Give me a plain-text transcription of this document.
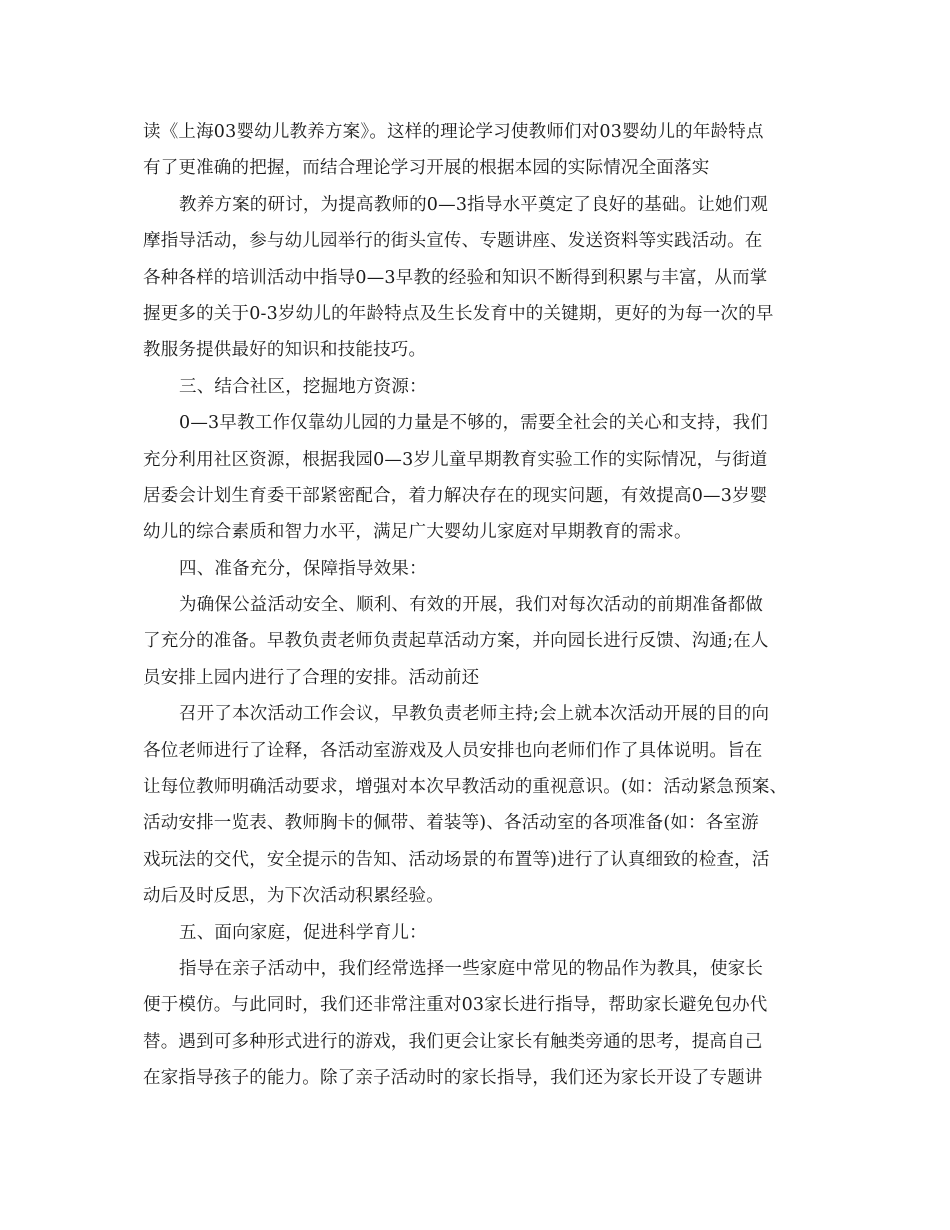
读《上海03婴幼儿教养方案》。这样的理论学习使教师们对03婴幼儿的年龄特点
有了更准确的把握，而结合理论学习开展的根据本园的实际情况全面落实
教养方案的研讨，为提高教师的0—3指导水平奠定了良好的基础。让她们观
摩指导活动，参与幼儿园举行的街头宣传、专题讲座、发送资料等实践活动。在
各种各样的培训活动中指导0—3早教的经验和知识不断得到积累与丰富，从而掌
握更多的关于0-3岁幼儿的年龄特点及生长发育中的关键期，更好的为每一次的早
教服务提供最好的知识和技能技巧。
三、结合社区，挖掘地方资源：
0—3早教工作仅靠幼儿园的力量是不够的，需要全社会的关心和支持，我们
充分利用社区资源，根据我园0—3岁儿童早期教育实验工作的实际情况，与街道
居委会计划生育委干部紧密配合，着力解决存在的现实问题，有效提高0—3岁婴
幼儿的综合素质和智力水平，满足广大婴幼儿家庭对早期教育的需求。
四、准备充分，保障指导效果：
为确保公益活动安全、顺利、有效的开展，我们对每次活动的前期准备都做
了充分的准备。早教负责老师负责起草活动方案，并向园长进行反馈、沟通;在人
员安排上园内进行了合理的安排。活动前还
召开了本次活动工作会议，早教负责老师主持;会上就本次活动开展的目的向
各位老师进行了诠释，各活动室游戏及人员安排也向老师们作了具体说明。旨在
让每位教师明确活动要求，增强对本次早教活动的重视意识。(如：活动紧急预案、
活动安排一览表、教师胸卡的佩带、着装等)、各活动室的各项准备(如：各室游
戏玩法的交代，安全提示的告知、活动场景的布置等)进行了认真细致的检查，活
动后及时反思，为下次活动积累经验。
五、面向家庭，促进科学育儿：
指导在亲子活动中，我们经常选择一些家庭中常见的物品作为教具，使家长
便于模仿。与此同时，我们还非常注重对03家长进行指导，帮助家长避免包办代
替。遇到可多种形式进行的游戏，我们更会让家长有触类旁通的思考，提高自己
在家指导孩子的能力。除了亲子活动时的家长指导，我们还为家长开设了专题讲
